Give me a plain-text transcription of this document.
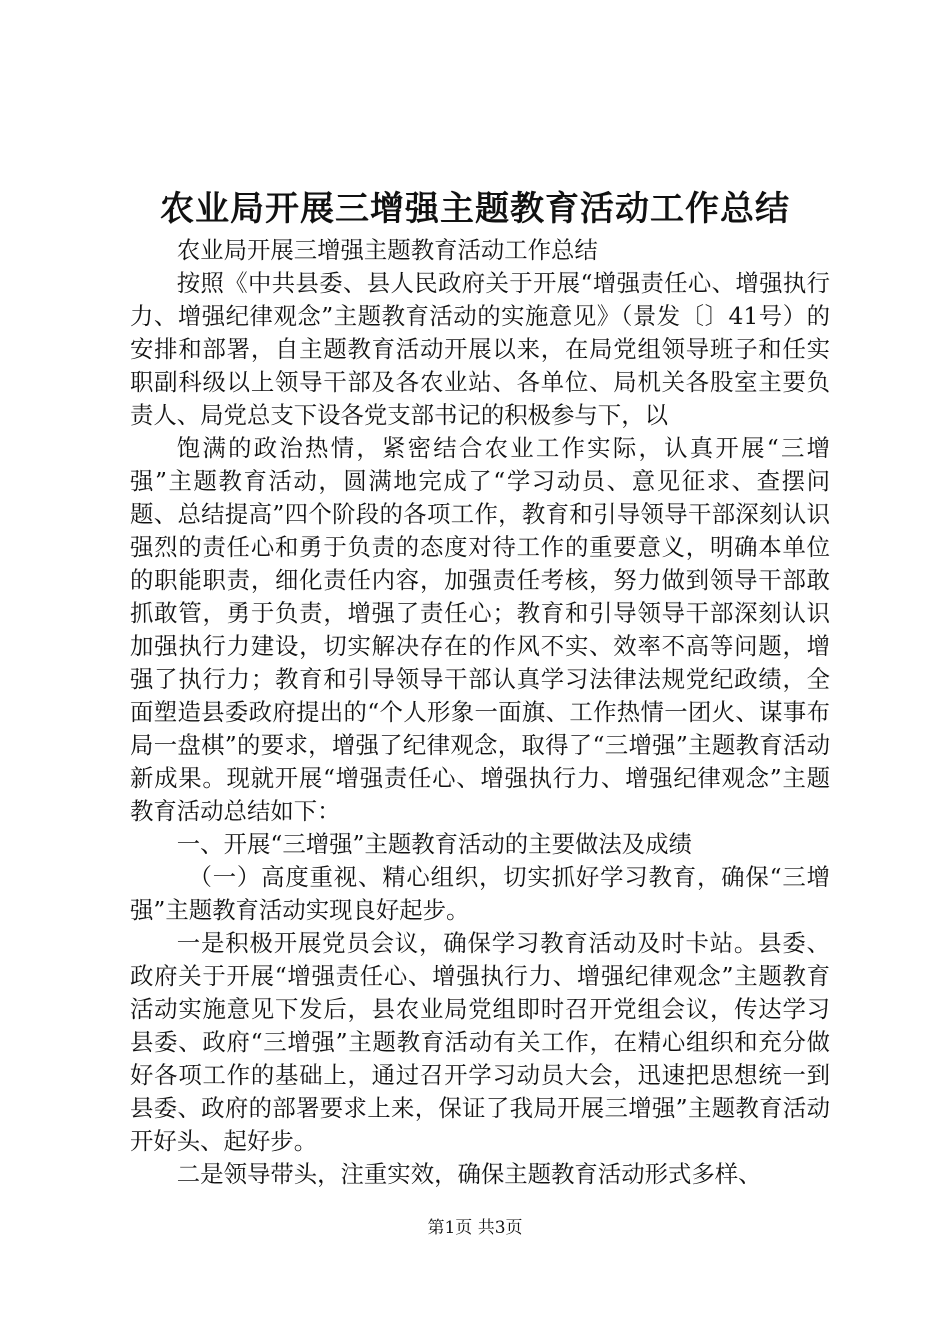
农业局开展三增强主题教育活动工作总结

农业局开展三增强主题教育活动工作总结

按照《中共县委、县人民政府关于开展“增强责任心、增强执行力、增强纪律观念”主题教育活动的实施意见》（景发〔〕41号）的安排和部署，自主题教育活动开展以来，在局党组领导班子和任实职副科级以上领导干部及各农业站、各单位、局机关各股室主要负责人、局党总支下设各党支部书记的积极参与下，以

饱满的政治热情，紧密结合农业工作实际，认真开展“三增强”主题教育活动，圆满地完成了“学习动员、意见征求、查摆问题、总结提高”四个阶段的各项工作，教育和引导领导干部深刻认识强烈的责任心和勇于负责的态度对待工作的重要意义，明确本单位的职能职责，细化责任内容，加强责任考核，努力做到领导干部敢抓敢管，勇于负责，增强了责任心；教育和引导领导干部深刻认识加强执行力建设，切实解决存在的作风不实、效率不高等问题，增强了执行力；教育和引导领导干部认真学习法律法规党纪政绩，全面塑造县委政府提出的“个人形象一面旗、工作热情一团火、谋事布局一盘棋”的要求，增强了纪律观念，取得了“三增强”主题教育活动新成果。现就开展“增强责任心、增强执行力、增强纪律观念”主题教育活动总结如下：

一、开展“三增强”主题教育活动的主要做法及成绩

（一）高度重视、精心组织，切实抓好学习教育，确保“三增强”主题教育活动实现良好起步。

一是积极开展党员会议，确保学习教育活动及时卡站。县委、政府关于开展“增强责任心、增强执行力、增强纪律观念”主题教育活动实施意见下发后，县农业局党组即时召开党组会议，传达学习县委、政府“三增强”主题教育活动有关工作，在精心组织和充分做好各项工作的基础上，通过召开学习动员大会，迅速把思想统一到县委、政府的部署要求上来，保证了我局开展三增强”主题教育活动开好头、起好步。

二是领导带头，注重实效，确保主题教育活动形式多样、

第1页 共3页
